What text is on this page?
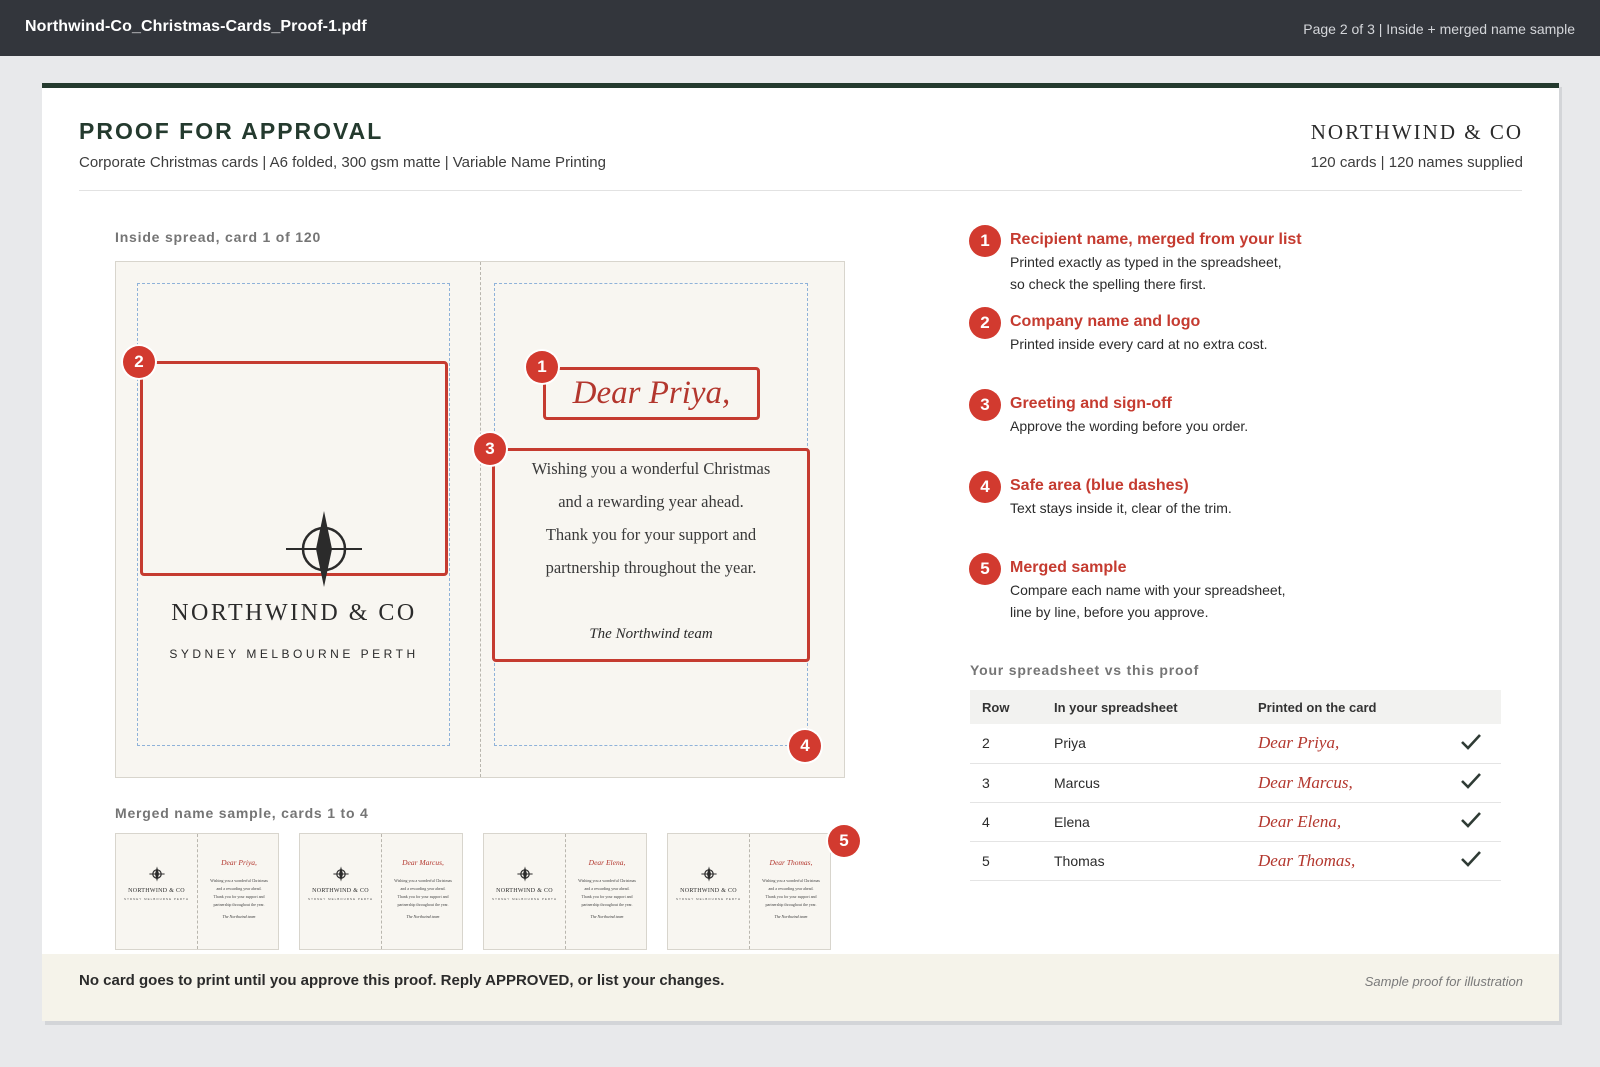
Northwind-Co_Christmas-Cards_Proof-1.pdf	Page 2 of 3 | Inside + merged name sample
PROOF FOR APPROVAL
Corporate Christmas cards | A6 folded, 300 gsm matte | Variable Name Printing
NORTHWIND & CO
120 cards | 120 names supplied
Inside spread, card 1 of 120
NORTHWIND & CO
SYDNEY MELBOURNE PERTH
Dear Priya,
Wishing you a wonderful Christmas
and a rewarding year ahead.
Thank you for your support and
partnership throughout the year.
The Northwind team
2	1
3
4
Merged name sample, cards 1 to 4
NORTHWIND & CO
SYDNEY MELBOURNE PERTH
Dear Priya,
Wishing you a wonderful Christmas
and a rewarding year ahead.
Thank you for your support and
partnership throughout the year.
The Northwind team
NORTHWIND & CO
SYDNEY MELBOURNE PERTH
Dear Marcus,
Wishing you a wonderful Christmas
and a rewarding year ahead.
Thank you for your support and
partnership throughout the year.
The Northwind team
NORTHWIND & CO
SYDNEY MELBOURNE PERTH
Dear Elena,
Wishing you a wonderful Christmas
and a rewarding year ahead.
Thank you for your support and
partnership throughout the year.
The Northwind team
NORTHWIND & CO
SYDNEY MELBOURNE PERTH
Dear Thomas,
Wishing you a wonderful Christmas
and a rewarding year ahead.
Thank you for your support and
partnership throughout the year.
The Northwind team
5
1	Recipient name, merged from your list
Printed exactly as typed in the spreadsheet,
so check the spelling there first.
2	Company name and logo
Printed inside every card at no extra cost.
3	Greeting and sign-off
Approve the wording before you order.
4	Safe area (blue dashes)
Text stays inside it, clear of the trim.
5	Merged sample
Compare each name with your spreadsheet,
line by line, before you approve.
Your spreadsheet vs this proof
Row	In your spreadsheet	Printed on the card	
2	Priya	Dear Priya,	
3	Marcus	Dear Marcus,	
4	Elena	Dear Elena,	
5	Thomas	Dear Thomas,	
No card goes to print until you approve this proof. Reply APPROVED, or list your changes.	Sample proof for illustration
